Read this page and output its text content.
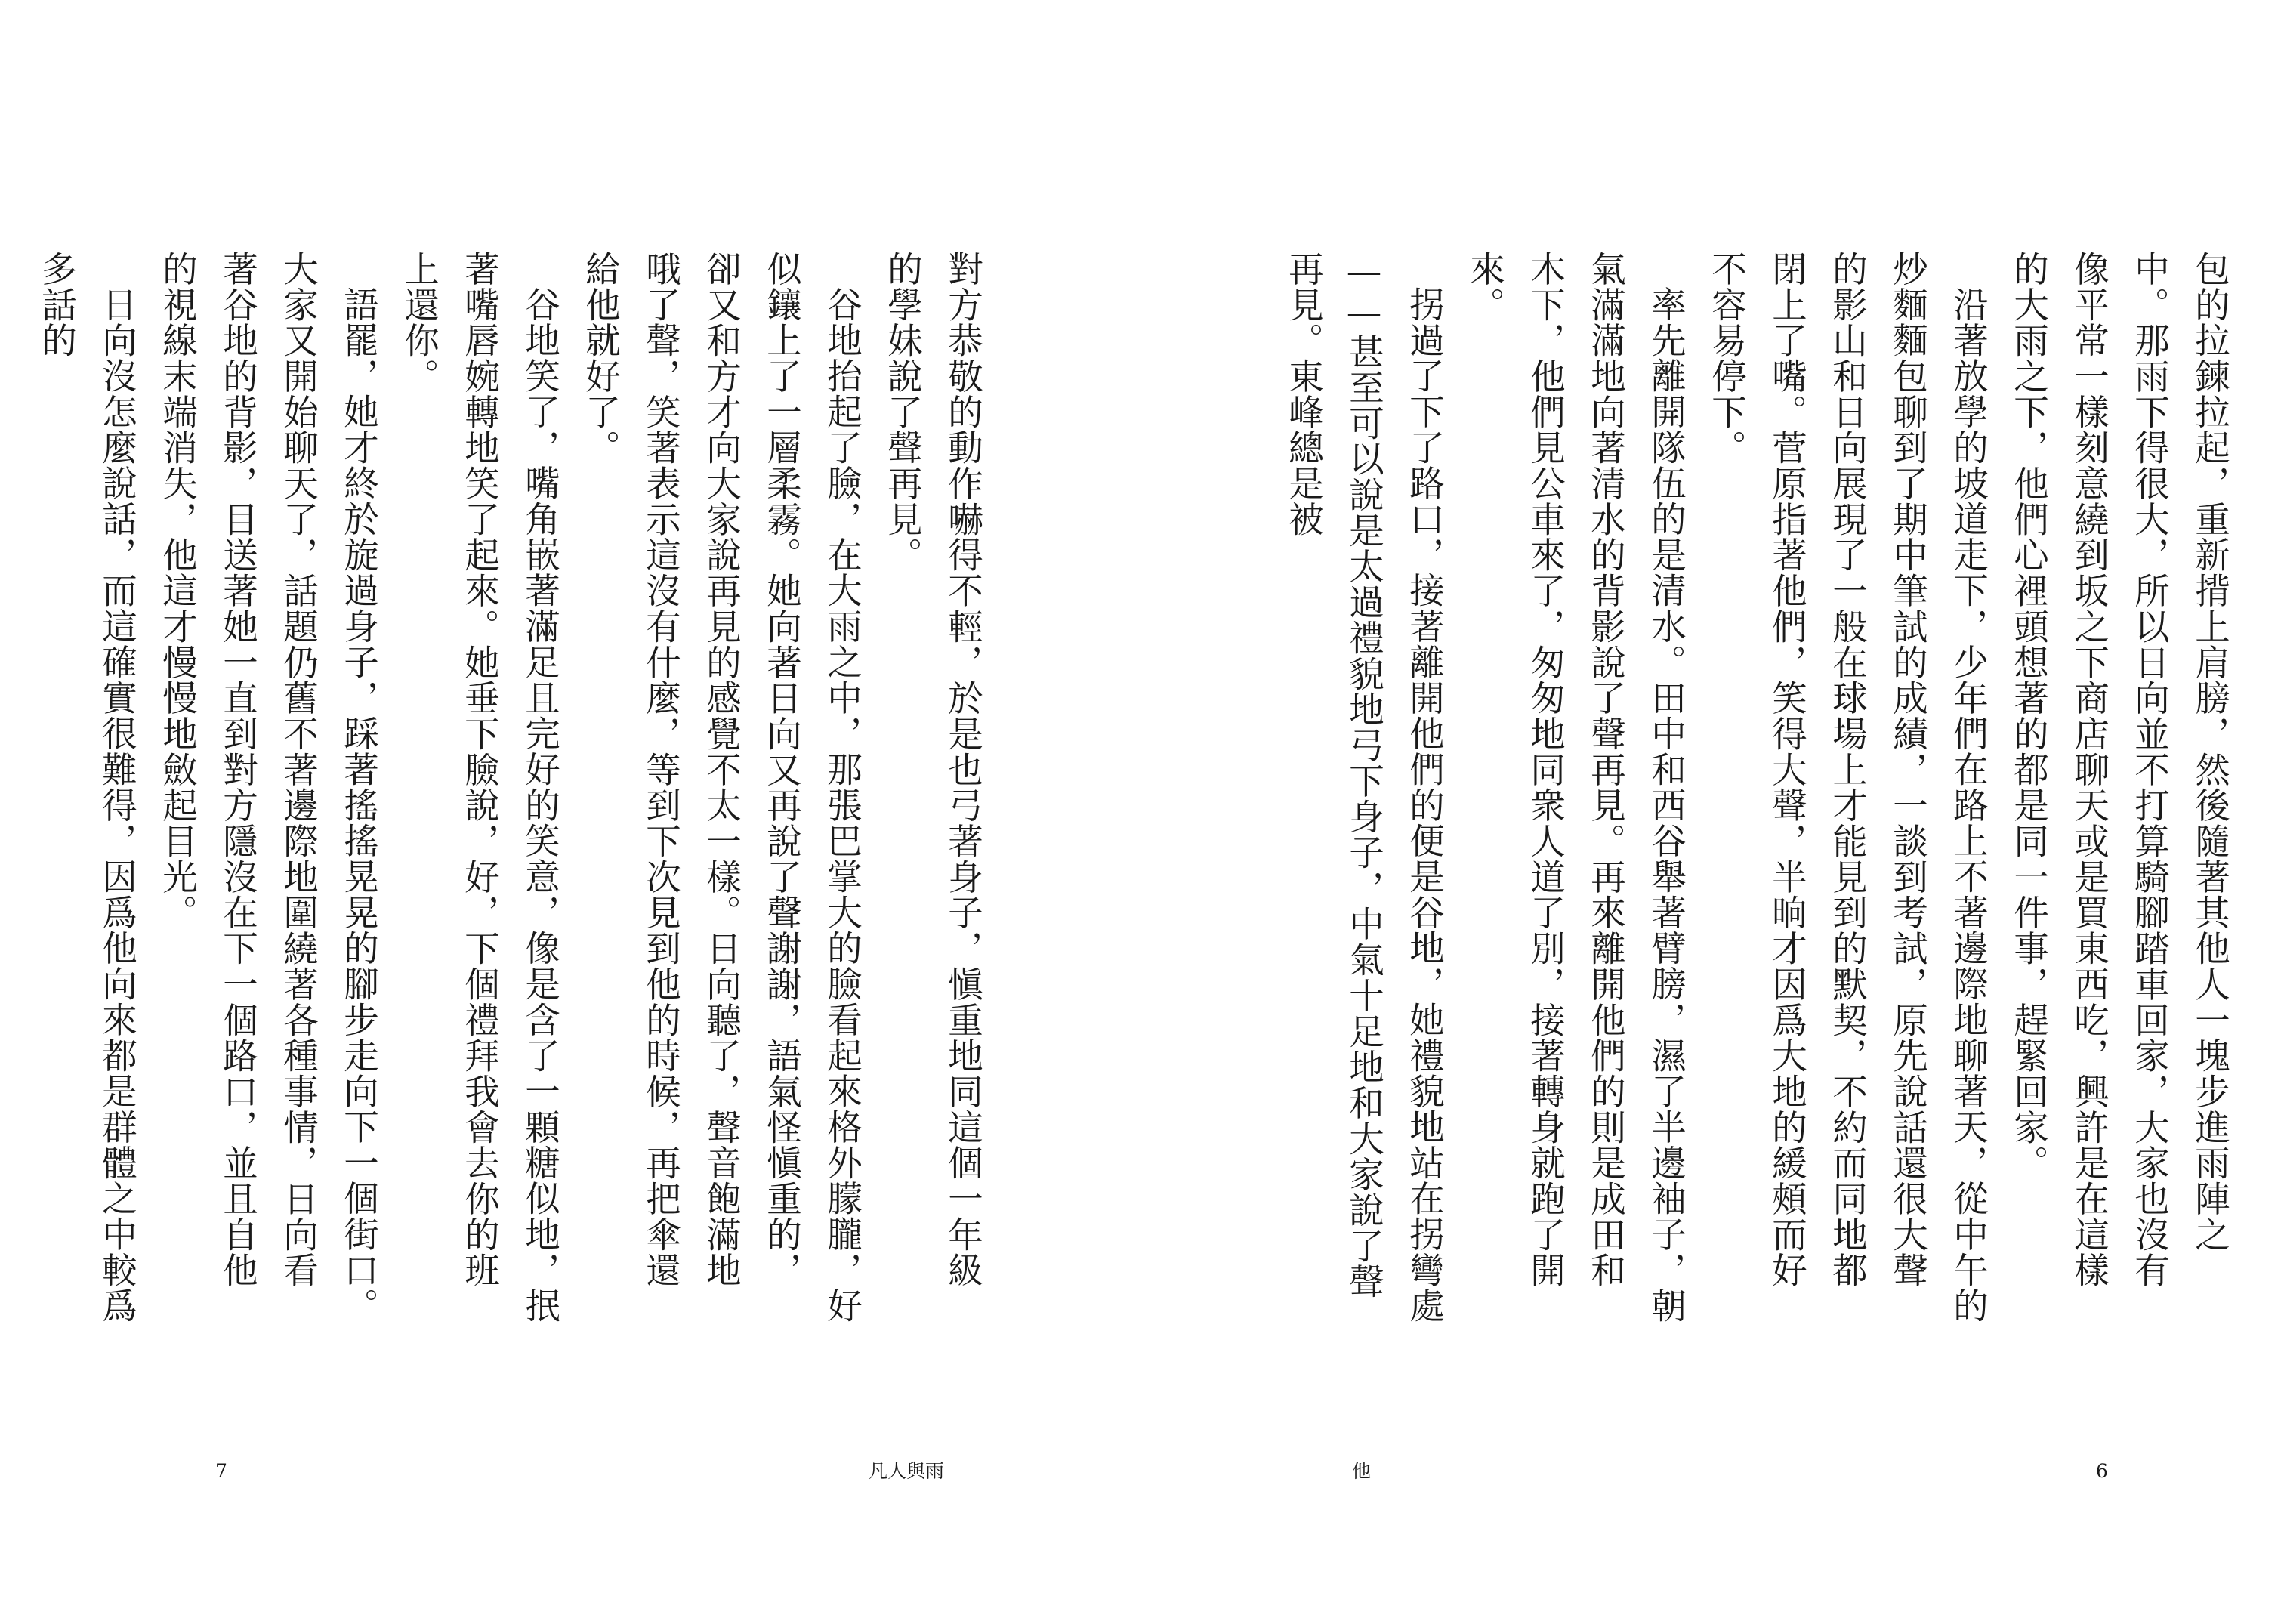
對方恭敬的動作嚇得不輕，於是也弓著身子，愼重地同這個一年級的學妹說了聲再見。

谷地抬起了臉，在大雨之中，那張巴掌大的臉看起來格外朦朧，好似鑲上了一層柔霧。她向著日向又再說了聲謝謝，語氣怪愼重的，卻又和方才向大家說再見的感覺不太一樣。日向聽了，聲音飽滿地哦了聲，笑著表示這沒有什麼，等到下次見到他的時候，再把傘還給他就好了。

谷地笑了，嘴角嵌著滿足且完好的笑意，像是含了一顆糖似地，抿著嘴唇婉轉地笑了起來。她垂下臉說，好，下個禮拜我會去你的班上還你。

語罷，她才終於旋過身子，踩著搖搖晃晃的腳步走向下一個街口。大家又開始聊天了，話題仍舊不著邊際地圍繞著各種事情，日向看著谷地的背影，目送著她一直到對方隱沒在下一個路口，並且自他的視線末端消失，他這才慢慢地斂起目光。

日向沒怎麼說話，而這確實很難得，因爲他向來都是群體之中較爲多話的

7	凡人與雨

包的拉鍊拉起，重新揹上肩膀，然後隨著其他人一塊步進雨陣之中。那雨下得很大，所以日向並不打算騎腳踏車回家，大家也沒有像平常一樣刻意繞到坂之下商店聊天或是買東西吃，興許是在這樣的大雨之下，他們心裡頭想著的都是同一件事，趕緊回家。

沿著放學的坡道走下，少年們在路上不著邊際地聊著天，從中午的炒麵麵包聊到了期中筆試的成績，一談到考試，原先說話還很大聲的影山和日向展現了一般在球場上才能見到的默契，不約而同地都閉上了嘴。菅原指著他們，笑得大聲，半晌才因爲大地的緩頰而好不容易停下。

率先離開隊伍的是清水。田中和西谷舉著臂膀，濕了半邊袖子，朝氣滿滿地向著清水的背影說了聲再見。再來離開他們的則是成田和木下，他們見公車來了，匆匆地同衆人道了別，接著轉身就跑了開來。

拐過了下了路口，接著離開他們的便是谷地，她禮貌地站在拐彎處——甚至可以說是太過禮貌地弓下身子，中氣十足地和大家說了聲再見。東峰總是被

他	6
